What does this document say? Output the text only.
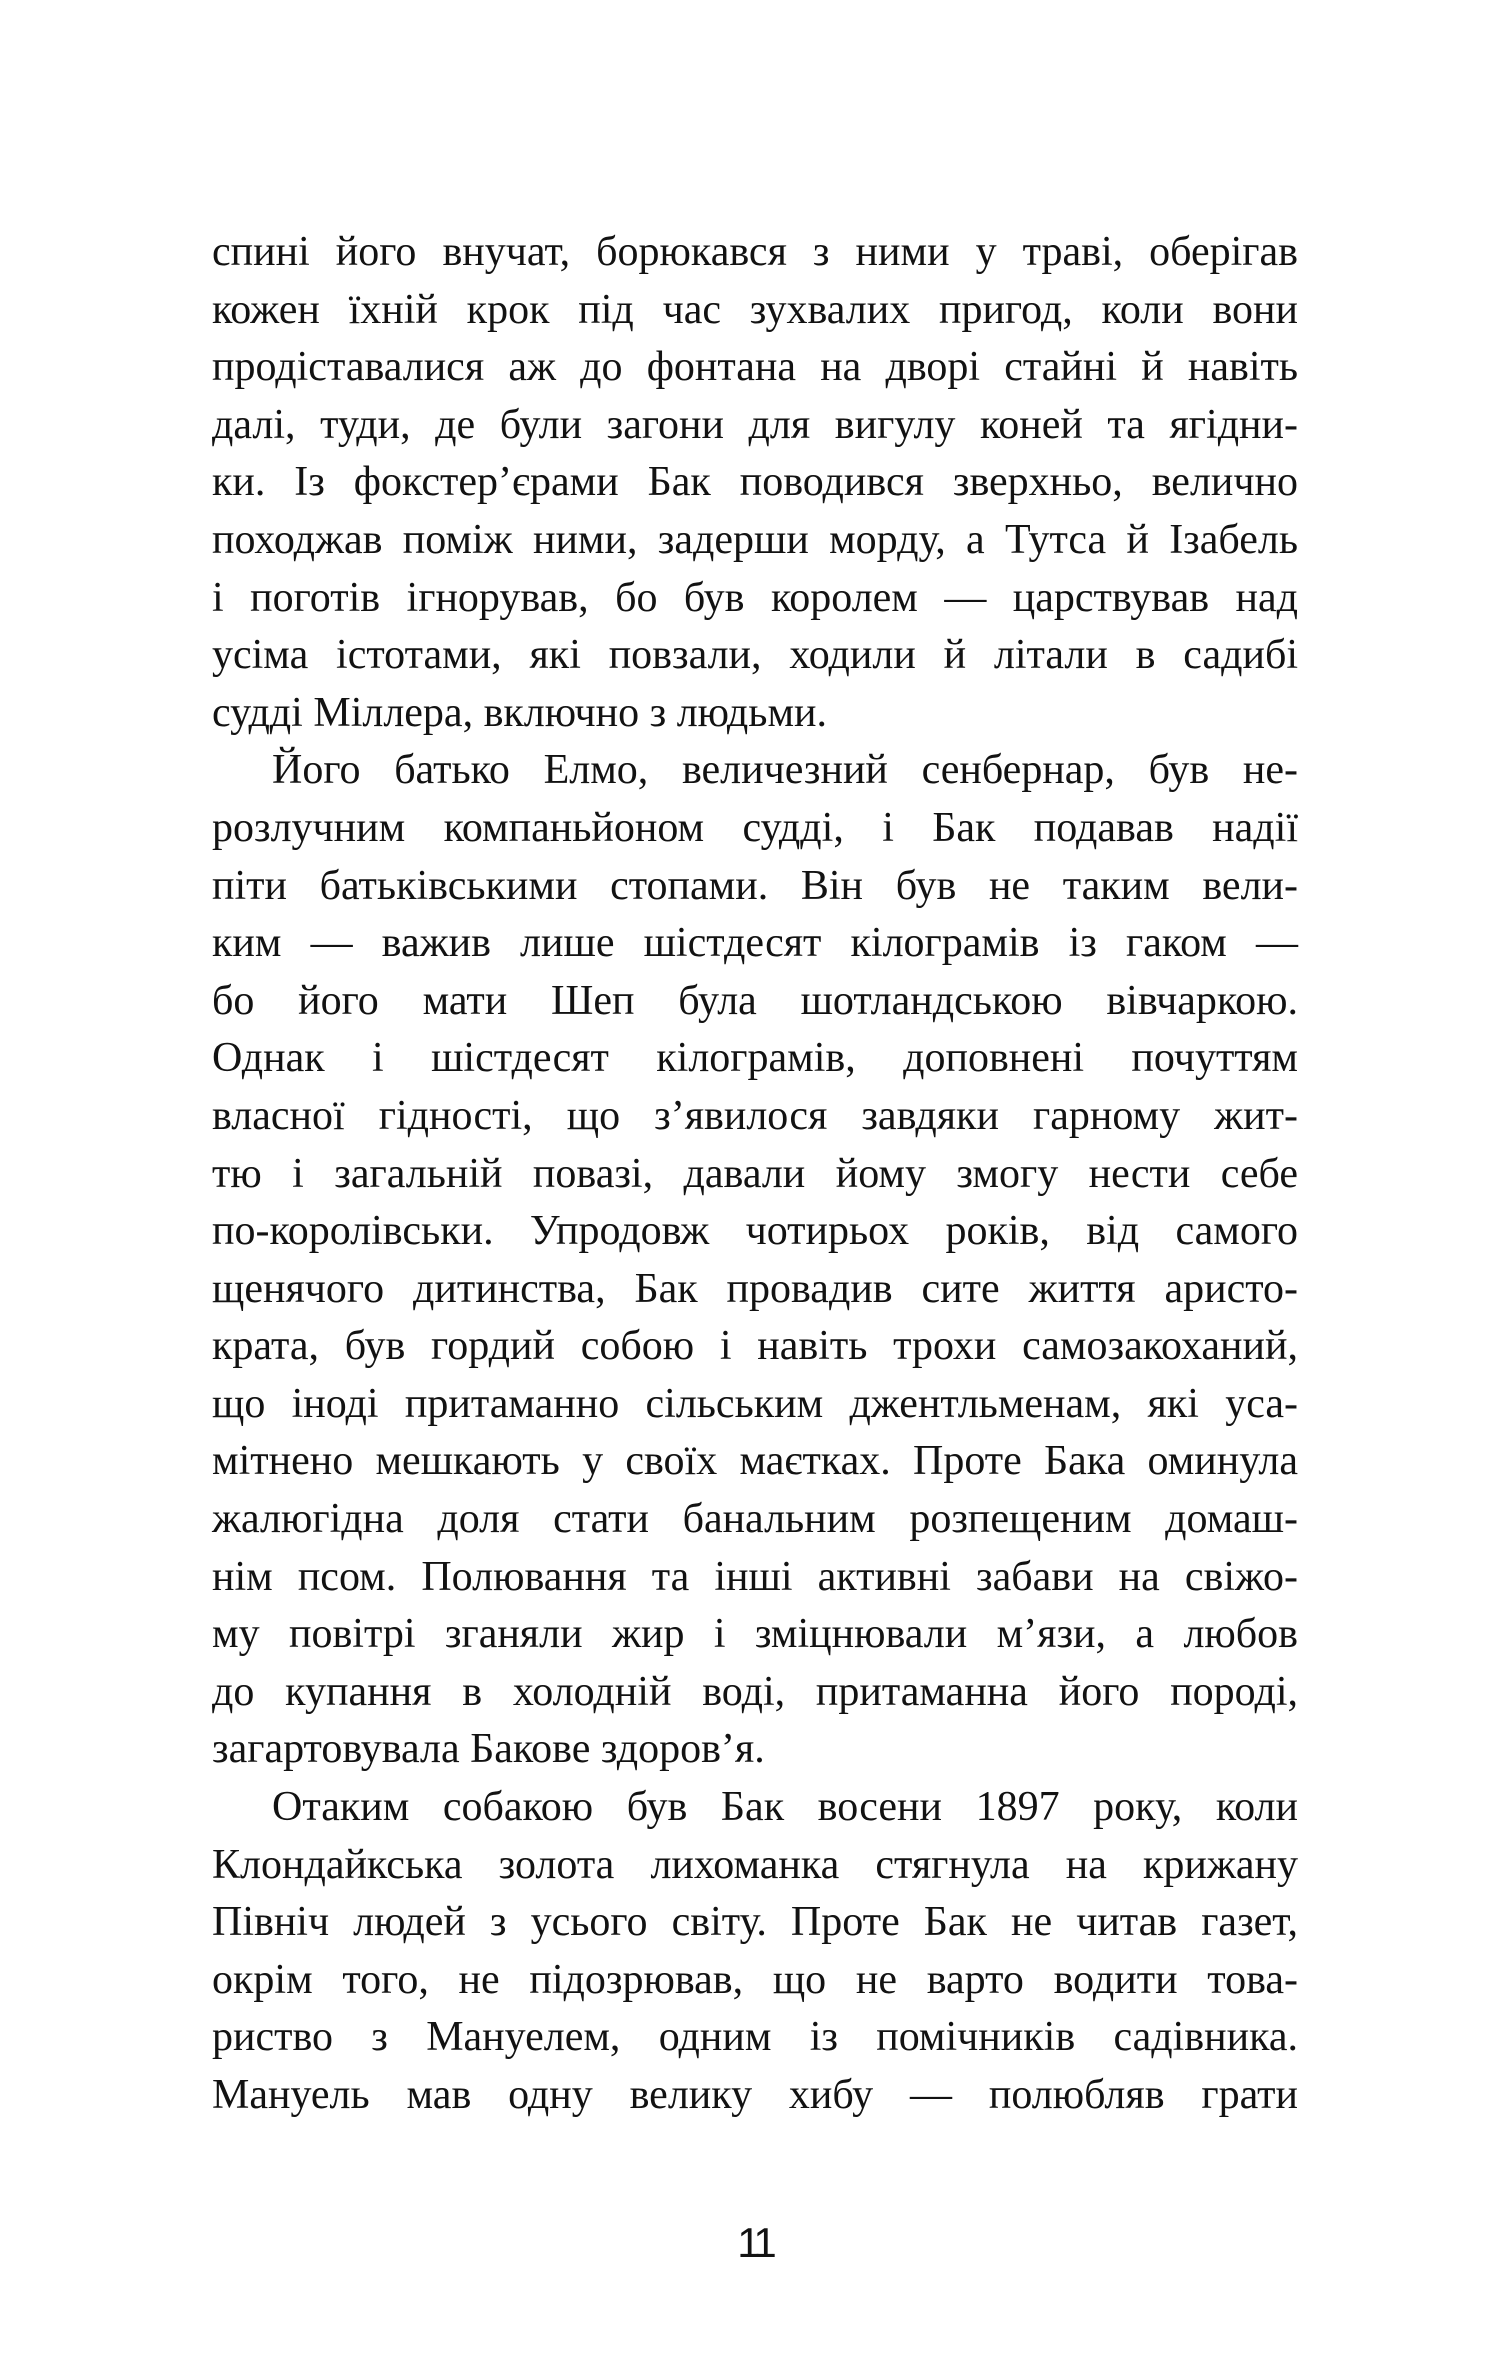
спині його внучат, борюкався з ними у траві, оберігав
кожен їхній крок під час зухвалих пригод, коли вони
продіставалися аж до фонтана на дворі стайні й навіть
далі, туди, де були загони для вигулу коней та ягідни-
ки. Із фокстер’єрами Бак поводився зверхньо, велично
походжав поміж ними, задерши морду, а Тутса й Ізабель
і поготів ігнорував, бо був королем — царствував над
усіма істотами, які повзали, ходили й літали в садибі
судді Міллера, включно з людьми.
Його батько Елмо, величезний сенбернар, був не-
розлучним компаньйоном судді, і Бак подавав надії
піти батьківськими стопами. Він був не таким вели-
ким — важив лише шістдесят кілограмів із гаком —
бо його мати Шеп була шотландською вівчаркою.
Однак і шістдесят кілограмів, доповнені почуттям
власної гідності, що з’явилося завдяки гарному жит-
тю і загальній повазі, давали йому змогу нести себе
по-королівськи. Упродовж чотирьох років, від самого
щенячого дитинства, Бак провадив сите життя аристо-
крата, був гордий собою і навіть трохи самозакоханий,
що іноді притаманно сільським джентльменам, які уса-
мітнено мешкають у своїх маєтках. Проте Бака оминула
жалюгідна доля стати банальним розпещеним домаш-
нім псом. Полювання та інші активні забави на свіжо-
му повітрі зганяли жир і зміцнювали м’язи, а любов
до купання в холодній воді, притаманна його породі,
загартовувала Бакове здоров’я.
Отаким собакою був Бак восени 1897 року, коли
Клондайкська золота лихоманка стягнула на крижану
Північ людей з усього світу. Проте Бак не читав газет,
окрім того, не підозрював, що не варто водити това-
риство з Мануелем, одним із помічників садівника.
Мануель мав одну велику хибу — полюбляв грати
11
